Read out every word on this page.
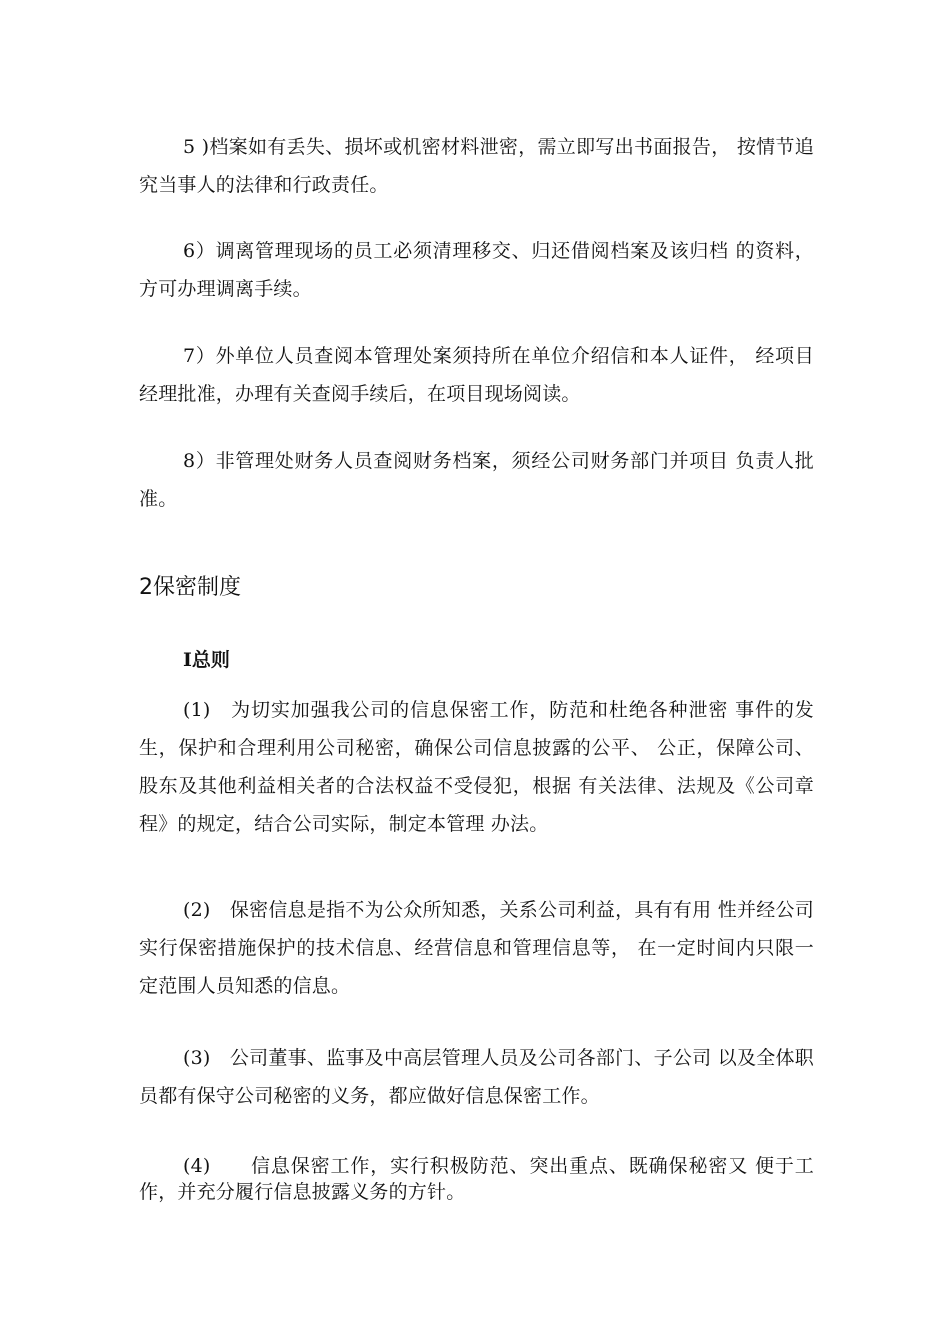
5 )档案如有丢失、损坏或机密材料泄密，需立即写出书面报告， 按情节追究当事人的法律和行政责任。

6）调离管理现场的员工必须清理移交、归还借阅档案及该归档 的资料，方可办理调离手续。

7）外单位人员查阅本管理处案须持所在单位介绍信和本人证件， 经项目经理批准，办理有关查阅手续后，在项目现场阅读。

8）非管理处财务人员查阅财务档案，须经公司财务部门并项目 负责人批准。

2保密制度
I总则

(1)　为切实加强我公司的信息保密工作，防范和杜绝各种泄密 事件的发生，保护和合理利用公司秘密，确保公司信息披露的公平、 公正，保障公司、股东及其他利益相关者的合法权益不受侵犯，根据 有关法律、法规及《公司章程》的规定，结合公司实际，制定本管理 办法。

(2)　保密信息是指不为公众所知悉，关系公司利益，具有有用 性并经公司实行保密措施保护的技术信息、经营信息和管理信息等， 在一定时间内只限一定范围人员知悉的信息。

(3)　公司董事、监事及中高层管理人员及公司各部门、子公司 以及全体职员都有保守公司秘密的义务，都应做好信息保密工作。

(4)　　信息保密工作，实行积极防范、突出重点、既确保秘密又 便于工作，并充分履行信息披露义务的方针。
